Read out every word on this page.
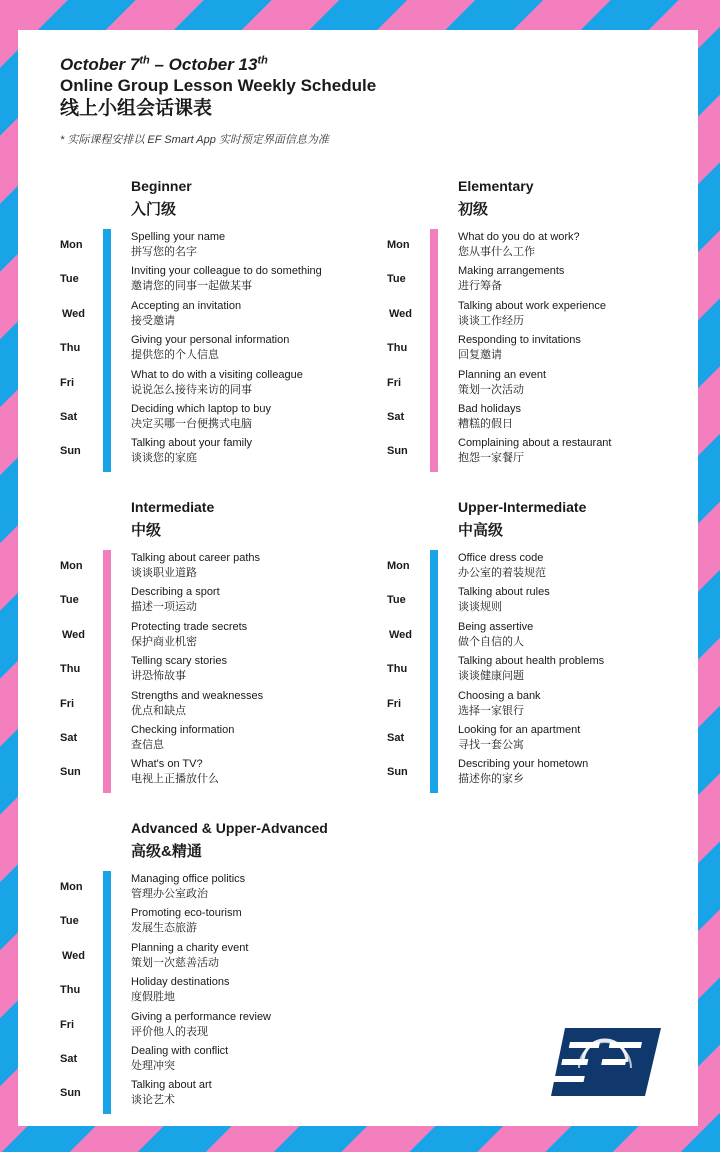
October 7th – October 13th
Online Group Lesson Weekly Schedule
线上小组会话课表
* 实际课程安排以 EF Smart App 实时预定界面信息为准
Beginner
入门级
Mon
Spelling your name
拼写您的名字
Tue
Inviting your colleague to do something
邀请您的同事一起做某事
Wed
Accepting an invitation
接受邀请
Thu
Giving your personal information
提供您的个人信息
Fri
What to do with a visiting colleague
说说怎么接待来访的同事
Sat
Deciding which laptop to buy
决定买哪一台便携式电脑
Sun
Talking about your family
谈谈您的家庭
Elementary
初级
Mon
What do you do at work?
您从事什么工作
Tue
Making arrangements
进行筹备
Wed
Talking about work experience
谈谈工作经历
Thu
Responding to invitations
回复邀请
Fri
Planning an event
策划一次活动
Sat
Bad holidays
糟糕的假日
Sun
Complaining about a restaurant
抱怨一家餐厅
Intermediate
中级
Mon
Talking about career paths
谈谈职业道路
Tue
Describing a sport
描述一项运动
Wed
Protecting trade secrets
保护商业机密
Thu
Telling scary stories
讲恐怖故事
Fri
Strengths and weaknesses
优点和缺点
Sat
Checking information
查信息
Sun
What's on TV?
电视上正播放什么
Upper-Intermediate
中高级
Mon
Office dress code
办公室的着装规范
Tue
Talking about rules
谈谈规则
Wed
Being assertive
做个自信的人
Thu
Talking about health problems
谈谈健康问题
Fri
Choosing a bank
选择一家银行
Sat
Looking for an apartment
寻找一套公寓
Sun
Describing your hometown
描述你的家乡
Advanced & Upper-Advanced
高级&精通
Mon
Managing office politics
管理办公室政治
Tue
Promoting eco-tourism
发展生态旅游
Wed
Planning a charity event
策划一次慈善活动
Thu
Holiday destinations
度假胜地
Fri
Giving a performance review
评价他人的表现
Sat
Dealing with conflict
处理冲突
Sun
Talking about art
谈论艺术
